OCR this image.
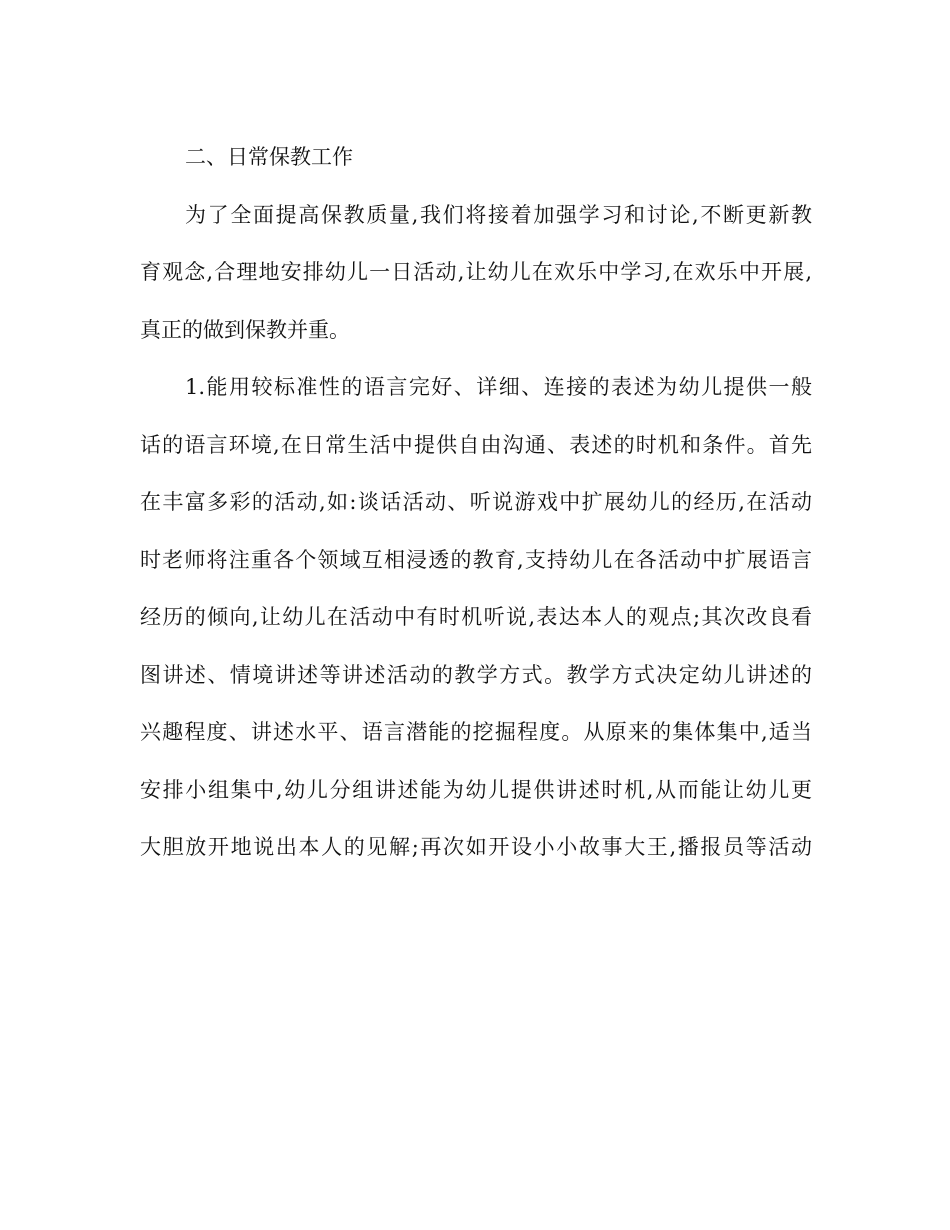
二、日常保教工作
为了全面提高保教质量,我们将接着加强学习和讨论,不断更新教
育观念,合理地安排幼儿一日活动,让幼儿在欢乐中学习,在欢乐中开展,
真正的做到保教并重。
1.能用较标准性的语言完好、详细、连接的表述为幼儿提供一般
话的语言环境,在日常生活中提供自由沟通、表述的时机和条件。首先
在丰富多彩的活动,如:谈话活动、听说游戏中扩展幼儿的经历,在活动
时老师将注重各个领域互相浸透的教育,支持幼儿在各活动中扩展语言
经历的倾向,让幼儿在活动中有时机听说,表达本人的观点;其次改良看
图讲述、情境讲述等讲述活动的教学方式。教学方式决定幼儿讲述的
兴趣程度、讲述水平、语言潜能的挖掘程度。从原来的集体集中,适当
安排小组集中,幼儿分组讲述能为幼儿提供讲述时机,从而能让幼儿更
大胆放开地说出本人的见解;再次如开设小小故事大王,播报员等活动
